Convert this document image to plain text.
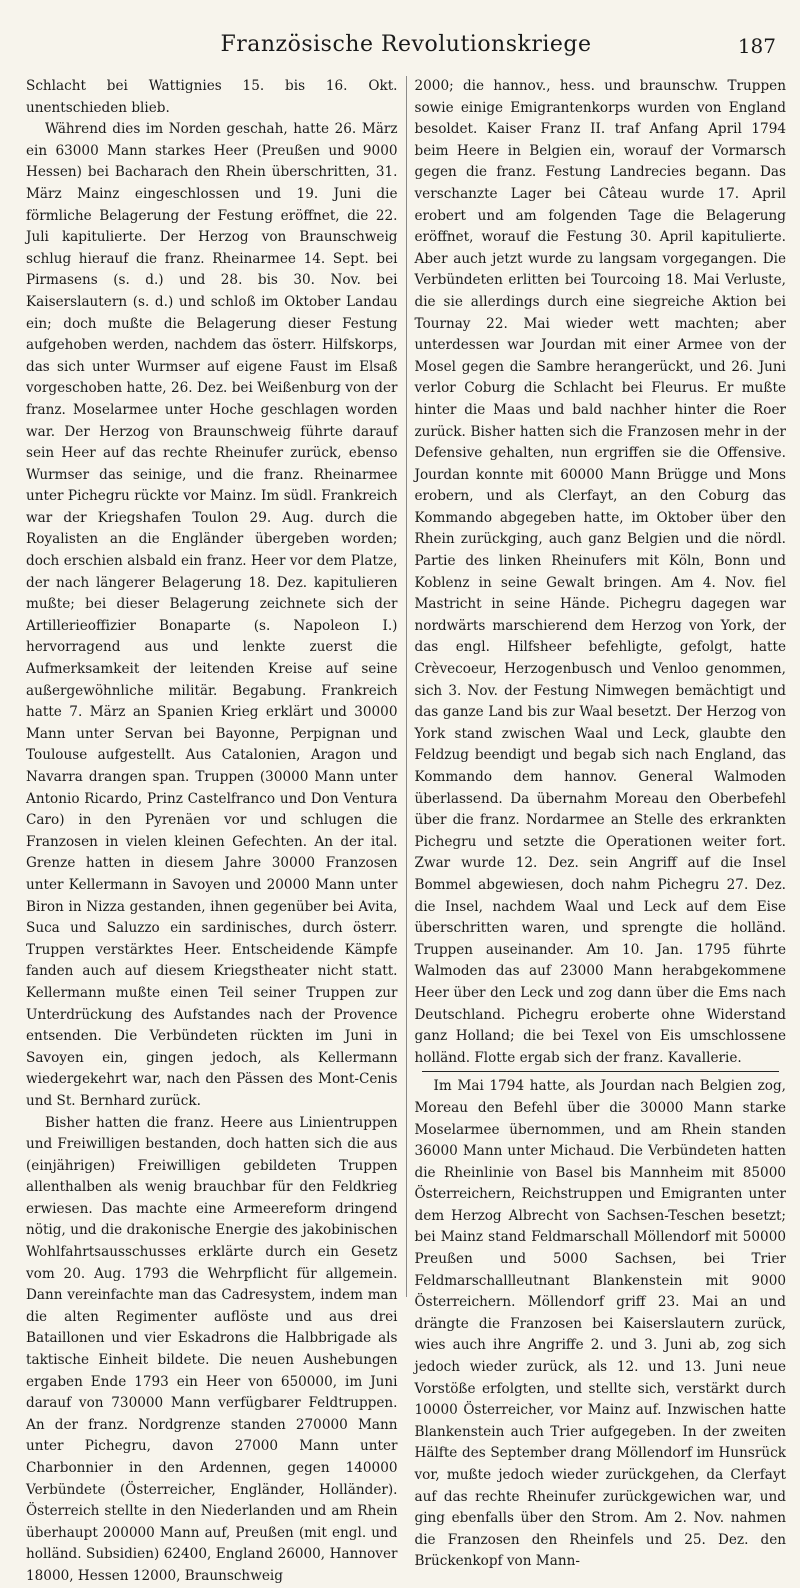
Französische Revolutionskriege	187

Schlacht bei Wattignies 15. bis 16. Okt. unentschieden blieb.

Während dies im Norden geschah, hatte 26. März ein 63000 Mann starkes Heer (Preußen und 9000 Hessen) bei Bacharach den Rhein überschritten, 31. März Mainz eingeschlossen und 19. Juni die förmliche Belagerung der Festung eröffnet, die 22. Juli kapitulierte. Der Herzog von Braunschweig schlug hierauf die franz. Rheinarmee 14. Sept. bei Pirmasens (s. d.) und 28. bis 30. Nov. bei Kaiserslautern (s. d.) und schloß im Oktober Landau ein; doch mußte die Belagerung dieser Festung aufgehoben werden, nachdem das österr. Hilfskorps, das sich unter Wurmser auf eigene Faust im Elsaß vorgeschoben hatte, 26. Dez. bei Weißenburg von der franz. Moselarmee unter Hoche geschlagen worden war. Der Herzog von Braunschweig führte darauf sein Heer auf das rechte Rheinufer zurück, ebenso Wurmser das seinige, und die franz. Rheinarmee unter Pichegru rückte vor Mainz. Im südl. Frankreich war der Kriegshafen Toulon 29. Aug. durch die Royalisten an die Engländer übergeben worden; doch erschien alsbald ein franz. Heer vor dem Platze, der nach längerer Belagerung 18. Dez. kapitulieren mußte; bei dieser Belagerung zeichnete sich der Artillerieoffizier Bonaparte (s. Napoleon I.) hervorragend aus und lenkte zuerst die Aufmerksamkeit der leitenden Kreise auf seine außergewöhnliche militär. Begabung. Frankreich hatte 7. März an Spanien Krieg erklärt und 30000 Mann unter Servan bei Bayonne, Perpignan und Toulouse aufgestellt. Aus Catalonien, Aragon und Navarra drangen span. Truppen (30000 Mann unter Antonio Ricardo, Prinz Castelfranco und Don Ventura Caro) in den Pyrenäen vor und schlugen die Franzosen in vielen kleinen Gefechten. An der ital. Grenze hatten in diesem Jahre 30000 Franzosen unter Kellermann in Savoyen und 20000 Mann unter Biron in Nizza gestanden, ihnen gegenüber bei Avita, Suca und Saluzzo ein sardinisches, durch österr. Truppen verstärktes Heer. Entscheidende Kämpfe fanden auch auf diesem Kriegstheater nicht statt. Kellermann mußte einen Teil seiner Truppen zur Unterdrückung des Aufstandes nach der Provence entsenden. Die Verbündeten rückten im Juni in Savoyen ein, gingen jedoch, als Kellermann wiedergekehrt war, nach den Pässen des Mont-Cenis und St. Bernhard zurück.

Bisher hatten die franz. Heere aus Linientruppen und Freiwilligen bestanden, doch hatten sich die aus (einjährigen) Freiwilligen gebildeten Truppen allenthalben als wenig brauchbar für den Feldkrieg erwiesen. Das machte eine Armeereform dringend nötig, und die drakonische Energie des jakobinischen Wohlfahrtsausschusses erklärte durch ein Gesetz vom 20. Aug. 1793 die Wehrpflicht für allgemein. Dann vereinfachte man das Cadresystem, indem man die alten Regimenter auflöste und aus drei Bataillonen und vier Eskadrons die Halbbrigade als taktische Einheit bildete. Die neuen Aushebungen ergaben Ende 1793 ein Heer von 650000, im Juni darauf von 730000 Mann verfügbarer Feldtruppen. An der franz. Nordgrenze standen 270000 Mann unter Pichegru, davon 27000 Mann unter Charbonnier in den Ardennen, gegen 140000 Verbündete (Österreicher, Engländer, Holländer). Österreich stellte in den Niederlanden und am Rhein überhaupt 200000 Mann auf, Preußen (mit engl. und holländ. Subsidien) 62400, England 26000, Hannover 18000, Hessen 12000, Braunschweig

2000; die hannov., hess. und braunschw. Truppen sowie einige Emigrantenkorps wurden von England besoldet. Kaiser Franz II. traf Anfang April 1794 beim Heere in Belgien ein, worauf der Vormarsch gegen die franz. Festung Landrecies begann. Das verschanzte Lager bei Câteau wurde 17. April erobert und am folgenden Tage die Belagerung eröffnet, worauf die Festung 30. April kapitulierte. Aber auch jetzt wurde zu langsam vorgegangen. Die Verbündeten erlitten bei Tourcoing 18. Mai Verluste, die sie allerdings durch eine siegreiche Aktion bei Tournay 22. Mai wieder wett machten; aber unterdessen war Jourdan mit einer Armee von der Mosel gegen die Sambre herangerückt, und 26. Juni verlor Coburg die Schlacht bei Fleurus. Er mußte hinter die Maas und bald nachher hinter die Roer zurück. Bisher hatten sich die Franzosen mehr in der Defensive gehalten, nun ergriffen sie die Offensive. Jourdan konnte mit 60000 Mann Brügge und Mons erobern, und als Clerfayt, an den Coburg das Kommando abgegeben hatte, im Oktober über den Rhein zurückging, auch ganz Belgien und die nördl. Partie des linken Rheinufers mit Köln, Bonn und Koblenz in seine Gewalt bringen. Am 4. Nov. fiel Mastricht in seine Hände. Pichegru dagegen war nordwärts marschierend dem Herzog von York, der das engl. Hilfsheer befehligte, gefolgt, hatte Crèvecoeur, Herzogenbusch und Venloo genommen, sich 3. Nov. der Festung Nimwegen bemächtigt und das ganze Land bis zur Waal besetzt. Der Herzog von York stand zwischen Waal und Leck, glaubte den Feldzug beendigt und begab sich nach England, das Kommando dem hannov. General Walmoden überlassend. Da übernahm Moreau den Oberbefehl über die franz. Nordarmee an Stelle des erkrankten Pichegru und setzte die Operationen weiter fort. Zwar wurde 12. Dez. sein Angriff auf die Insel Bommel abgewiesen, doch nahm Pichegru 27. Dez. die Insel, nachdem Waal und Leck auf dem Eise überschritten waren, und sprengte die holländ. Truppen auseinander. Am 10. Jan. 1795 führte Walmoden das auf 23000 Mann herabgekommene Heer über den Leck und zog dann über die Ems nach Deutschland. Pichegru eroberte ohne Widerstand ganz Holland; die bei Texel von Eis umschlossene holländ. Flotte ergab sich der franz. Kavallerie.

Im Mai 1794 hatte, als Jourdan nach Belgien zog, Moreau den Befehl über die 30000 Mann starke Moselarmee übernommen, und am Rhein standen 36000 Mann unter Michaud. Die Verbündeten hatten die Rheinlinie von Basel bis Mannheim mit 85000 Österreichern, Reichstruppen und Emigranten unter dem Herzog Albrecht von Sachsen-Teschen besetzt; bei Mainz stand Feldmarschall Möllendorf mit 50000 Preußen und 5000 Sachsen, bei Trier Feldmarschallleutnant Blankenstein mit 9000 Österreichern. Möllendorf griff 23. Mai an und drängte die Franzosen bei Kaiserslautern zurück, wies auch ihre Angriffe 2. und 3. Juni ab, zog sich jedoch wieder zurück, als 12. und 13. Juni neue Vorstöße erfolgten, und stellte sich, verstärkt durch 10000 Österreicher, vor Mainz auf. Inzwischen hatte Blankenstein auch Trier aufgegeben. In der zweiten Hälfte des September drang Möllendorf im Hunsrück vor, mußte jedoch wieder zurückgehen, da Clerfayt auf das rechte Rheinufer zurückgewichen war, und ging ebenfalls über den Strom. Am 2. Nov. nahmen die Franzosen den Rheinfels und 25. Dez. den Brückenkopf von Mann-
